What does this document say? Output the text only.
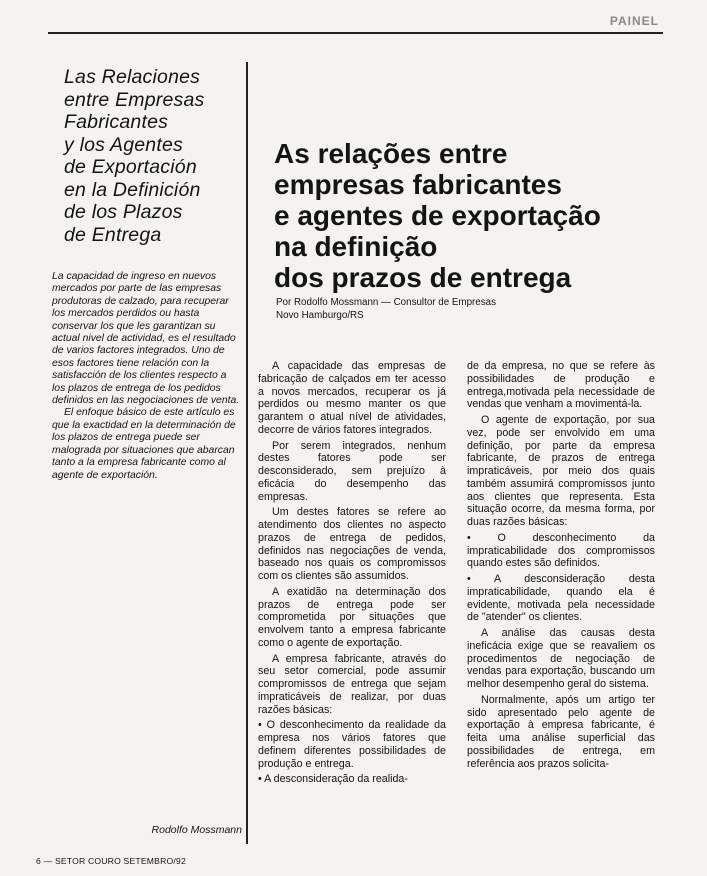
PAINEL
Las Relaciones
entre Empresas
Fabricantes
y los Agentes
de Exportación
en la Definición
de los Plazos
de Entrega

La capacidad de ingreso en nuevos mercados por parte de las empresas produtoras de calzado, para recuperar los mercados perdidos ou hasta conservar los que les garantizan su actual nivel de actividad, es el resultado de varios factores integrados. Uno de esos factores tiene relación con la satisfacción de los clientes respecto a los plazos de entrega de los pedidos definidos en las negociaciones de venta.

El enfoque básico de este artículo es que la exactidad en la determinación de los plazos de entrega puede ser malograda por situaciones que abarcan tanto a la empresa fabricante como al agente de exportación.

Rodolfo Mossmann
As relações entre
empresas fabricantes
e agentes de exportação
na definição
dos prazos de entrega
Por Rodolfo Mossmann — Consultor de Empresas
Novo Hamburgo/RS

A capacidade das empresas de fabricação de calçados em ter acesso a novos mercados, recuperar os já perdidos ou mesmo manter os que garantem o atual nível de atividades, decorre de vários fatores integrados.

Por serem integrados, nenhum destes fatores pode ser desconsiderado, sem prejuízo à eficácia do desempenho das empresas.

Um destes fatores se refere ao atendimento dos clientes no aspecto prazos de entrega de pedidos, definidos nas negociações de venda, baseado nos quais os compromissos com os clientes são assumidos.

A exatidão na determinação dos prazos de entrega pode ser comprometida por situações que envolvem tanto a empresa fabricante como o agente de exportação.

A empresa fabricante, através do seu setor comercial, pode assumir compromissos de entrega que sejam impraticáveis de realizar, por duas razões básicas:

• O desconhecimento da realidade da empresa nos vários fatores que definem diferentes possibilidades de produção e entrega.

• A desconsideração da realida-

de da empresa, no que se refere às possibilidades de produção e entrega,motivada pela necessidade de vendas que venham a movimentá-la.

O agente de exportação, por sua vez, pode ser envolvido em uma definição, por parte da empresa fabricante, de prazos de entrega impraticáveis, por meio dos quais também assumirá compromissos junto aos clientes que representa. Esta situação ocorre, da mesma forma, por duas razões básicas:

• O desconhecimento da impraticabilidade dos compromissos quando estes são definidos.

• A desconsideração desta impraticabilidade, quando ela é evidente, motivada pela necessidade de "atender" os clientes.

A análise das causas desta ineficácia exige que se reavaliem os procedimentos de negociação de vendas para exportação, buscando um melhor desempenho geral do sistema.

Normalmente, após um artigo ter sido apresentado pelo agente de exportação à empresa fabricante, é feita uma análise superficial das possibilidades de entrega, em referência aos prazos solicita-

6 — SETOR COURO SETEMBRO/92
